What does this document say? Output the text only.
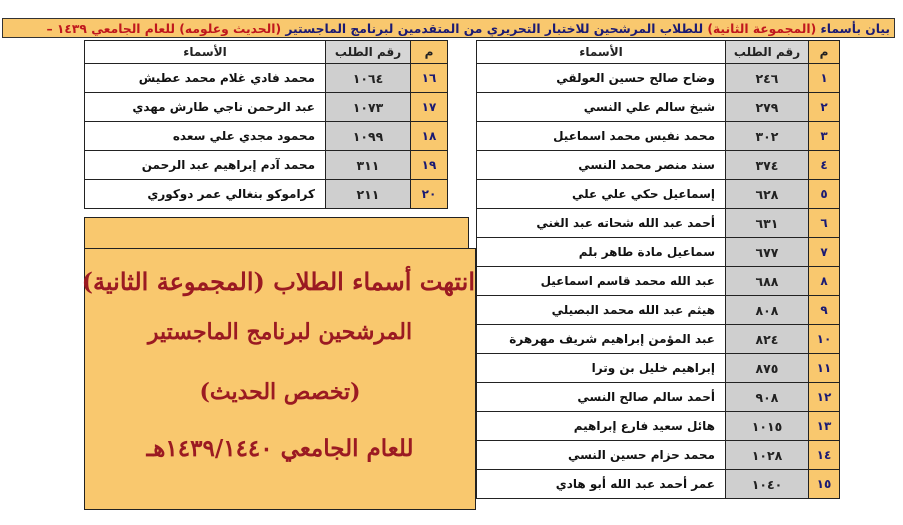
بيان بأسماء (المجموعة الثانية) للطلاب المرشحين للاختبار التحريري من المتقدمين لبرنامج الماجستير (الحديث وعلومه) للعام الجامعي ١٤٣٩ –
م	رقم الطلب	الأسماء
١	٢٤٦	وضاح صالح حسين العولقي
٢	٢٧٩	شيخ سالم علي النسي
٣	٣٠٢	محمد نفيس محمد اسماعيل
٤	٣٧٤	سند منصر محمد النسي
٥	٦٢٨	إسماعيل حكي علي علي
٦	٦٣١	أحمد عبد الله شحاته عبد الغني
٧	٦٧٧	سماعيل مادة طاهر بلم
٨	٦٨٨	عبد الله محمد قاسم اسماعيل
٩	٨٠٨	هيثم عبد الله محمد البصيلي
١٠	٨٢٤	عبد المؤمن إبراهيم شريف مهرهرة
١١	٨٧٥	إبراهيم خليل بن وترا
١٢	٩٠٨	أحمد سالم صالح النسي
١٣	١٠١٥	هائل سعيد فارع إبراهيم
١٤	١٠٢٨	محمد حزام حسين النسي
١٥	١٠٤٠	عمر أحمد عبد الله أبو هادي
م	رقم الطلب	الأسماء
١٦	١٠٦٤	محمد فادي غلام محمد عطيش
١٧	١٠٧٣	عبد الرحمن ناجي طارش مهدي
١٨	١٠٩٩	محمود مجدي علي سعده
١٩	٣١١	محمد آدم إبراهيم عبد الرحمن
٢٠	٢١١	كراموكو بنغالي عمر دوكوري
انتهت أسماء الطلاب (المجموعة الثانية)
المرشحين لبرنامج الماجستير
(تخصص الحديث)
للعام الجامعي ١٤٣٩/١٤٤٠هـ
